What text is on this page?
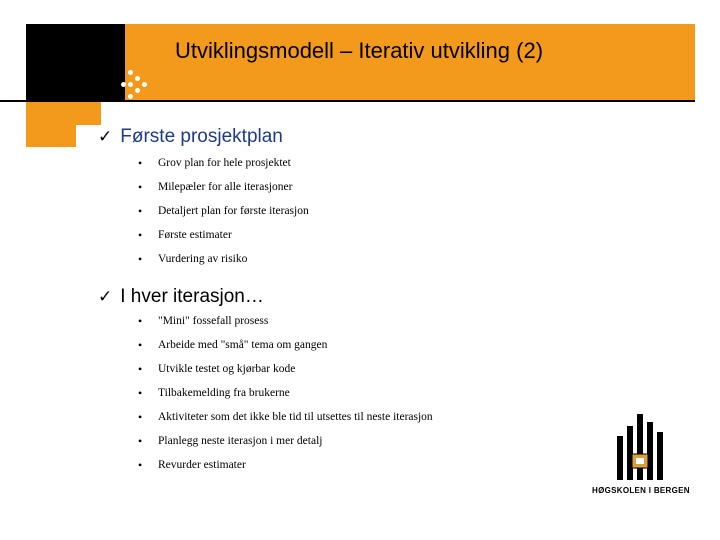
Utviklingsmodell – Iterativ utvikling (2)
✓ Første prosjektplan
• Grov plan for hele prosjektet
• Milepæler for alle iterasjoner
• Detaljert plan for første iterasjon
• Første estimater
• Vurdering av risiko
✓ I hver iterasjon…
• "Mini" fossefall prosess
• Arbeide med "små" tema om gangen
• Utvikle testet og kjørbar kode
• Tilbakemelding fra brukerne
• Aktiviteter som det ikke ble tid til utsettes til neste iterasjon
• Planlegg neste iterasjon i mer detalj
• Revurder estimater
HØGSKOLEN I BERGEN
